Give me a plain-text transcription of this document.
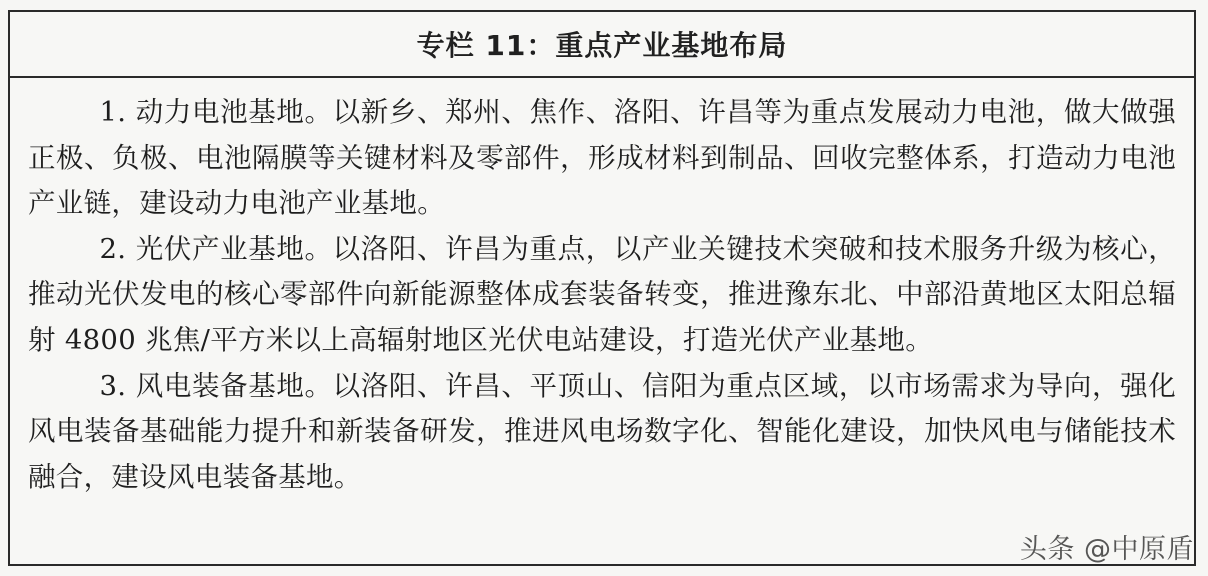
专栏 11：重点产业基地布局

1. 动力电池基地。以新乡、郑州、焦作、洛阳、许昌等为重点发展动力电池，做大做强正极、负极、电池隔膜等关键材料及零部件，形成材料到制品、回收完整体系，打造动力电池产业链，建设动力电池产业基地。

2. 光伏产业基地。以洛阳、许昌为重点，以产业关键技术突破和技术服务升级为核心，推动光伏发电的核心零部件向新能源整体成套装备转变，推进豫东北、中部沿黄地区太阳总辐射 4800 兆焦/平方米以上高辐射地区光伏电站建设，打造光伏产业基地。

3. 风电装备基地。以洛阳、许昌、平顶山、信阳为重点区域，以市场需求为导向，强化风电装备基础能力提升和新装备研发，推进风电场数字化、智能化建设，加快风电与储能技术融合，建设风电装备基地。

头条 @中原盾
